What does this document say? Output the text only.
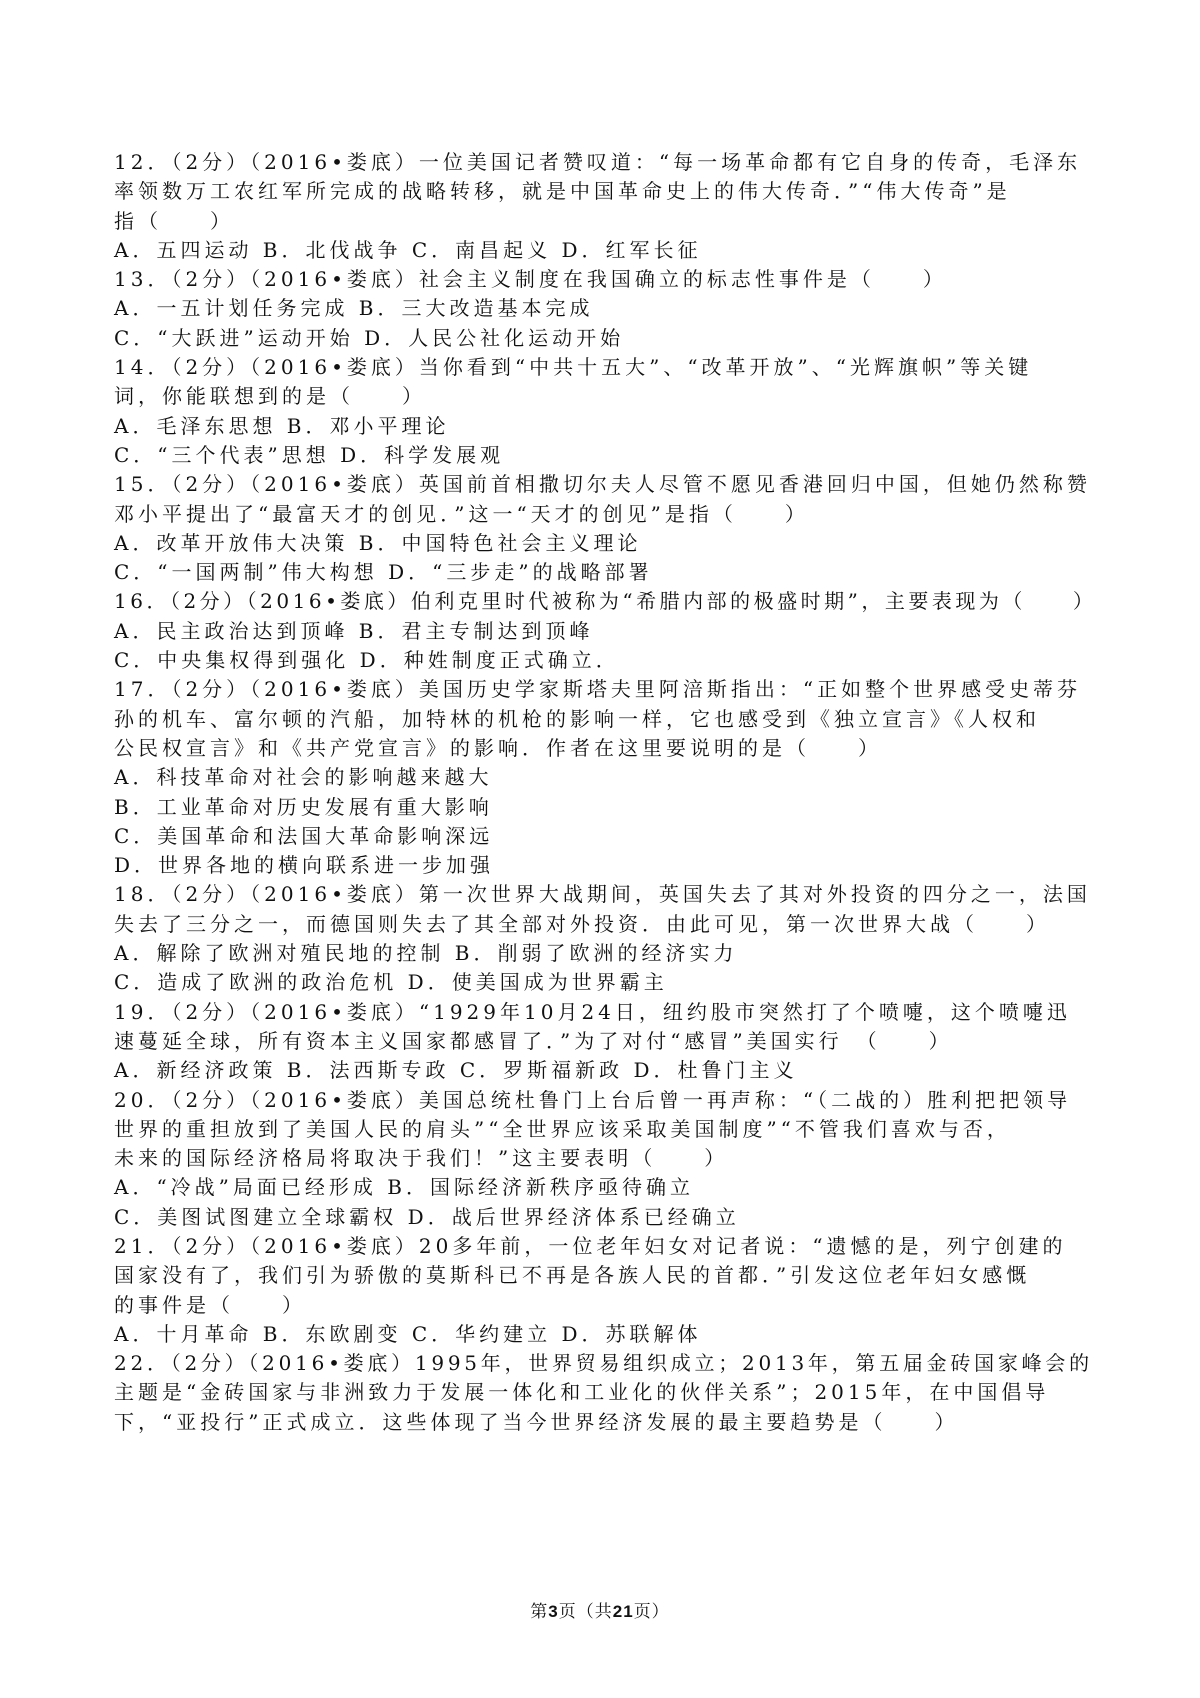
12．（2分）（2016•娄底）一位美国记者赞叹道：“每一场革命都有它自身的传奇，毛泽东
率领数万工农红军所完成的战略转移，就是中国革命史上的伟大传奇．”“伟大传奇”是
指（　　）
A．五四运动 B．北伐战争 C．南昌起义 D．红军长征
13．（2分）（2016•娄底）社会主义制度在我国确立的标志性事件是（　　）
A．一五计划任务完成 B．三大改造基本完成
C．“大跃进”运动开始 D．人民公社化运动开始
14．（2分）（2016•娄底）当你看到“中共十五大”、“改革开放”、“光辉旗帜”等关键
词，你能联想到的是（　　）
A．毛泽东思想 B．邓小平理论
C．“三个代表”思想 D．科学发展观
15．（2分）（2016•娄底）英国前首相撒切尔夫人尽管不愿见香港回归中国，但她仍然称赞
邓小平提出了“最富天才的创见．”这一“天才的创见”是指（　　）
A．改革开放伟大决策 B．中国特色社会主义理论
C．“一国两制”伟大构想 D．“三步走”的战略部署
16．（2分）（2016•娄底）伯利克里时代被称为“希腊内部的极盛时期”，主要表现为（　　）
A．民主政治达到顶峰 B．君主专制达到顶峰
C．中央集权得到强化 D．种姓制度正式确立．
17．（2分）（2016•娄底）美国历史学家斯塔夫里阿涪斯指出：“正如整个世界感受史蒂芬
孙的机车、富尔顿的汽船，加特林的机枪的影响一样，它也感受到《独立宣言》《人权和
公民权宣言》和《共产党宣言》的影响．作者在这里要说明的是（　　）
A．科技革命对社会的影响越来越大
B．工业革命对历史发展有重大影响
C．美国革命和法国大革命影响深远
D．世界各地的横向联系进一步加强
18．（2分）（2016•娄底）第一次世界大战期间，英国失去了其对外投资的四分之一，法国
失去了三分之一，而德国则失去了其全部对外投资．由此可见，第一次世界大战（　　）
A．解除了欧洲对殖民地的控制 B．削弱了欧洲的经济实力
C．造成了欧洲的政治危机 D．使美国成为世界霸主
19．（2分）（2016•娄底）“1929年10月24日，纽约股市突然打了个喷嚏，这个喷嚏迅
速蔓延全球，所有资本主义国家都感冒了．”为了对付“感冒”美国实行　（　　）
A．新经济政策 B．法西斯专政 C．罗斯福新政 D．杜鲁门主义
20．（2分）（2016•娄底）美国总统杜鲁门上台后曾一再声称：“（二战的）胜利把把领导
世界的重担放到了美国人民的肩头”“全世界应该采取美国制度”“不管我们喜欢与否，
未来的国际经济格局将取决于我们！”这主要表明（　　）
A．“冷战”局面已经形成 B．国际经济新秩序亟待确立
C．美图试图建立全球霸权 D．战后世界经济体系已经确立
21．（2分）（2016•娄底）20多年前，一位老年妇女对记者说：“遗憾的是，列宁创建的
国家没有了，我们引为骄傲的莫斯科已不再是各族人民的首都．”引发这位老年妇女感慨
的事件是（　　）
A．十月革命 B．东欧剧变 C．华约建立 D．苏联解体
22．（2分）（2016•娄底）1995年，世界贸易组织成立；2013年，第五届金砖国家峰会的
主题是“金砖国家与非洲致力于发展一体化和工业化的伙伴关系”；2015年，在中国倡导
下，“亚投行”正式成立．这些体现了当今世界经济发展的最主要趋势是（　　）
第3页（共21页）
